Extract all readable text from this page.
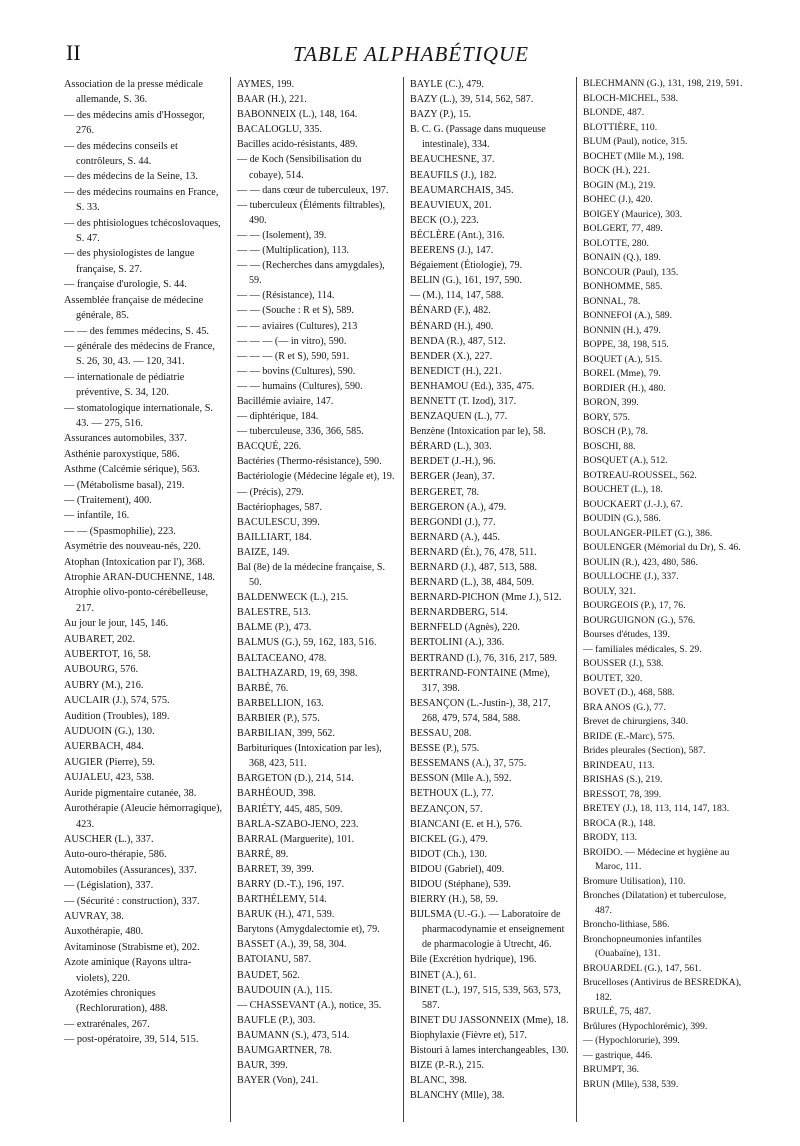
II	TABLE ALPHABÉTIQUE
Association de la presse médicale allemande, S. 36.
— des médecins amis d'Hossegor, 276.
— des médecins conseils et contrôleurs, S. 44.
— des médecins de la Seine, 13.
— des médecins roumains en France, S. 33.
— des phtisiologues tchécoslovaques, S. 47.
— des physiologistes de langue française, S. 27.
— française d'urologie, S. 44.
Assemblée française de médecine générale, 85.
— — des femmes médecins, S. 45.
— générale des médecins de France, S. 26, 30, 43. — 120, 341.
— internationale de pédiatrie préventive, S. 34, 120.
— stomatologique internationale, S. 43. — 275, 516.
Assurances automobiles, 337.
Asthénie paroxystique, 586.
Asthme (Calcémie sérique), 563.
— (Métabolisme basal), 219.
— (Traitement), 400.
— infantile, 16.
— — (Spasmophilie), 223.
Asymétrie des nouveau-nés, 220.
Atophan (Intoxication par l'), 368.
Atrophie ARAN-DUCHENNE, 148.
Atrophie olivo-ponto-cérébelleuse, 217.
Au jour le jour, 145, 146.
AUBARET, 202.
AUBERTOT, 16, 58.
AUBOURG, 576.
AUBRY (M.), 216.
AUCLAIR (J.), 574, 575.
Audition (Troubles), 189.
AUDUOIN (G.), 130.
AUERBACH, 484.
AUGIER (Pierre), 59.
AUJALEU, 423, 538.
Auride pigmentaire cutanée, 38.
Aurothérapie (Aleucie hémorragique), 423.
AUSCHER (L.), 337.
Auto-ouro-thérapie, 586.
Automobiles (Assurances), 337.
— (Législation), 337.
— (Sécurité : construction), 337.
AUVRAY, 38.
Auxothérapie, 480.
Avitaminose (Strabisme et), 202.
Azote aminique (Rayons ultra-violets), 220.
Azotémies chroniques (Rechloruration), 488.
— extrarénales, 267.
— post-opératoire, 39, 514, 515.
AYMES, 199.
BAAR (H.), 221.
BABONNEIX (L.), 148, 164.
BACALOGLU, 335.
Bacilles acido-résistants, 489.
— de Koch (Sensibilisation du cobaye), 514.
— — dans cœur de tuberculeux, 197.
— tuberculeux (Éléments filtrables), 490.
— — (Isolement), 39.
— — (Multiplication), 113.
— — (Recherches dans amygdales), 59.
— — (Résistance), 114.
— — (Souche : R et S), 589.
— — aviaires (Cultures), 213
— — — (— in vitro), 590.
— — — (R et S), 590, 591.
— — bovins (Cultures), 590.
— — humains (Cultures), 590.
Bacillémie aviaire, 147.
— diphtérique, 184.
— tuberculeuse, 336, 366, 585.
BACQUÉ, 226.
Bactéries (Thermo-résistance), 590.
Bactériologie (Médecine légale et), 19.
— (Précis), 279.
Bactériophages, 587.
BACULESCU, 399.
BAILLIART, 184.
BAIZE, 149.
Bal (8e) de la médecine française, S. 50.
BALDENWECK (L.), 215.
BALESTRE, 513.
BALME (P.), 473.
BALMUS (G.), 59, 162, 183, 516.
BALTACEANO, 478.
BALTHAZARD, 19, 69, 398.
BARBÉ, 76.
BARBELLION, 163.
BARBIER (P.), 575.
BARBILIAN, 399, 562.
Barbituriques (Intoxication par les), 368, 423, 511.
BARGETON (D.), 214, 514.
BARHÉOUD, 398.
BARIÉTY, 445, 485, 509.
BARLA-SZABO-JENO, 223.
BARRAL (Marguerite), 101.
BARRÉ, 89.
BARRET, 39, 399.
BARRY (D.-T.), 196, 197.
BARTHÉLEMY, 514.
BARUK (H.), 471, 539.
Barytons (Amygdalectomie et), 79.
BASSET (A.), 39, 58, 304.
BATOIANU, 587.
BAUDET, 562.
BAUDOUIN (A.), 115.
— CHASSEVANT (A.), notice, 35.
BAUFLE (P.), 303.
BAUMANN (S.), 473, 514.
BAUMGARTNER, 78.
BAUR, 399.
BAYER (Von), 241.
BAYLE (C.), 479.
BAZY (L.), 39, 514, 562, 587.
BAZY (P.), 15.
B. C. G. (Passage dans muqueuse intestinale), 334.
BEAUCHESNE, 37.
BEAUFILS (J.), 182.
BEAUMARCHAIS, 345.
BEAUVIEUX, 201.
BECK (O.), 223.
BÉCLÈRE (Ant.), 316.
BEERENS (J.), 147.
Bégaiement (Étiologie), 79.
BELIN (G.), 161, 197, 590.
— (M.), 114, 147, 588.
BÉNARD (F.), 482.
BÉNARD (H.), 490.
BENDA (R.), 487, 512.
BENDER (X.), 227.
BENEDICT (H.), 221.
BENHAMOU (Ed.), 335, 475.
BENNETT (T. Izod), 317.
BENZAQUEN (L.), 77.
Benzène (Intoxication par le), 58.
BÉRARD (L.), 303.
BERDET (J.-H.), 96.
BERGER (Jean), 37.
BERGERET, 78.
BERGERON (A.), 479.
BERGONDI (J.), 77.
BERNARD (A.), 445.
BERNARD (Ét.), 76, 478, 511.
BERNARD (J.), 487, 513, 588.
BERNARD (L.), 38, 484, 509.
BERNARD-PICHON (Mme J.), 512.
BERNARDBERG, 514.
BERNFELD (Agnès), 220.
BERTOLINI (A.), 336.
BERTRAND (I.), 76, 316, 217, 589.
BERTRAND-FONTAINE (Mme), 317, 398.
BESANÇON (L.-Justin-), 38, 217, 268, 479, 574, 584, 588.
BESSAU, 208.
BESSE (P.), 575.
BESSEMANS (A.), 37, 575.
BESSON (Mlle A.), 592.
BETHOUX (L.), 77.
BEZANÇON, 57.
BIANCANI (E. et H.), 576.
BICKEL (G.), 479.
BIDOT (Ch.), 130.
BIDOU (Gabriel), 409.
BIDOU (Stéphane), 539.
BIERRY (H.), 58, 59.
BIJLSMA (U.-G.). — Laboratoire de pharmacodynamie et enseignement de pharmacologie à Utrecht, 46.
Bile (Excrétion hydrique), 196.
BINET (A.), 61.
BINET (L.), 197, 515, 539, 563, 573, 587.
BINET DU JASSONNEIX (Mme), 18.
Biophylaxie (Fièvre et), 517.
Bistouri à lames interchangeables, 130.
BIZE (P.-R.), 215.
BLANC, 398.
BLANCHY (Mlle), 38.
BLECHMANN (G.), 131, 198, 219, 591.
BLOCH-MICHEL, 538.
BLONDE, 487.
BLOTTIÈRE, 110.
BLUM (Paul), notice, 315.
BOCHET (Mlle M.), 198.
BOCK (H.), 221.
BOGIN (M.), 219.
BOHEC (J.), 420.
BOIGEY (Maurice), 303.
BOLGERT, 77, 489.
BOLOTTE, 280.
BONAIN (Q.), 189.
BONCOUR (Paul), 135.
BONHOMME, 585.
BONNAL, 78.
BONNEFOI (A.), 589.
BONNIN (H.), 479.
BOPPE, 38, 198, 515.
BOQUET (A.), 515.
BOREL (Mme), 79.
BORDIER (H.), 480.
BORON, 399.
BORY, 575.
BOSCH (P.), 78.
BOSCHI, 88.
BOSQUET (A.), 512.
BOTREAU-ROUSSEL, 562.
BOUCHET (L.), 18.
BOUCKAERT (J.-J.), 67.
BOUDIN (G.), 586.
BOULANGER-PILET (G.), 386.
BOULENGER (Mémorial du Dr), S. 46.
BOULIN (R.), 423, 480, 586.
BOULLOCHE (J.), 337.
BOULY, 321.
BOURGEOIS (P.), 17, 76.
BOURGUIGNON (G.), 576.
Bourses d'études, 139.
— familiales médicales, S. 29.
BOUSSER (J.), 538.
BOUTET, 320.
BOVET (D.), 468, 588.
BRA ANOS (G.), 77.
Brevet de chirurgiens, 340.
BRIDE (E.-Marc), 575.
Brides pleurales (Section), 587.
BRINDEAU, 113.
BRISHAS (S.), 219.
BRESSOT, 78, 399.
BRETEY (J.), 18, 113, 114, 147, 183.
BROCA (R.), 148.
BRODY, 113.
BROIDO. — Médecine et hygiène au Maroc, 111.
Bromure Utilisation), 110.
Bronches (Dilatation) et tuberculose, 487.
Broncho-lithiase, 586.
Bronchopneumonies infantiles (Ouabaïne), 131.
BROUARDEL (G.), 147, 561.
Brucelloses (Antivirus de BESREDKA), 182.
BRULÉ, 75, 487.
Brûlures (Hypochlorémic), 399.
— (Hypochlorurie), 399.
— gastrique, 446.
BRUMPT, 36.
BRUN (Mlle), 538, 539.
